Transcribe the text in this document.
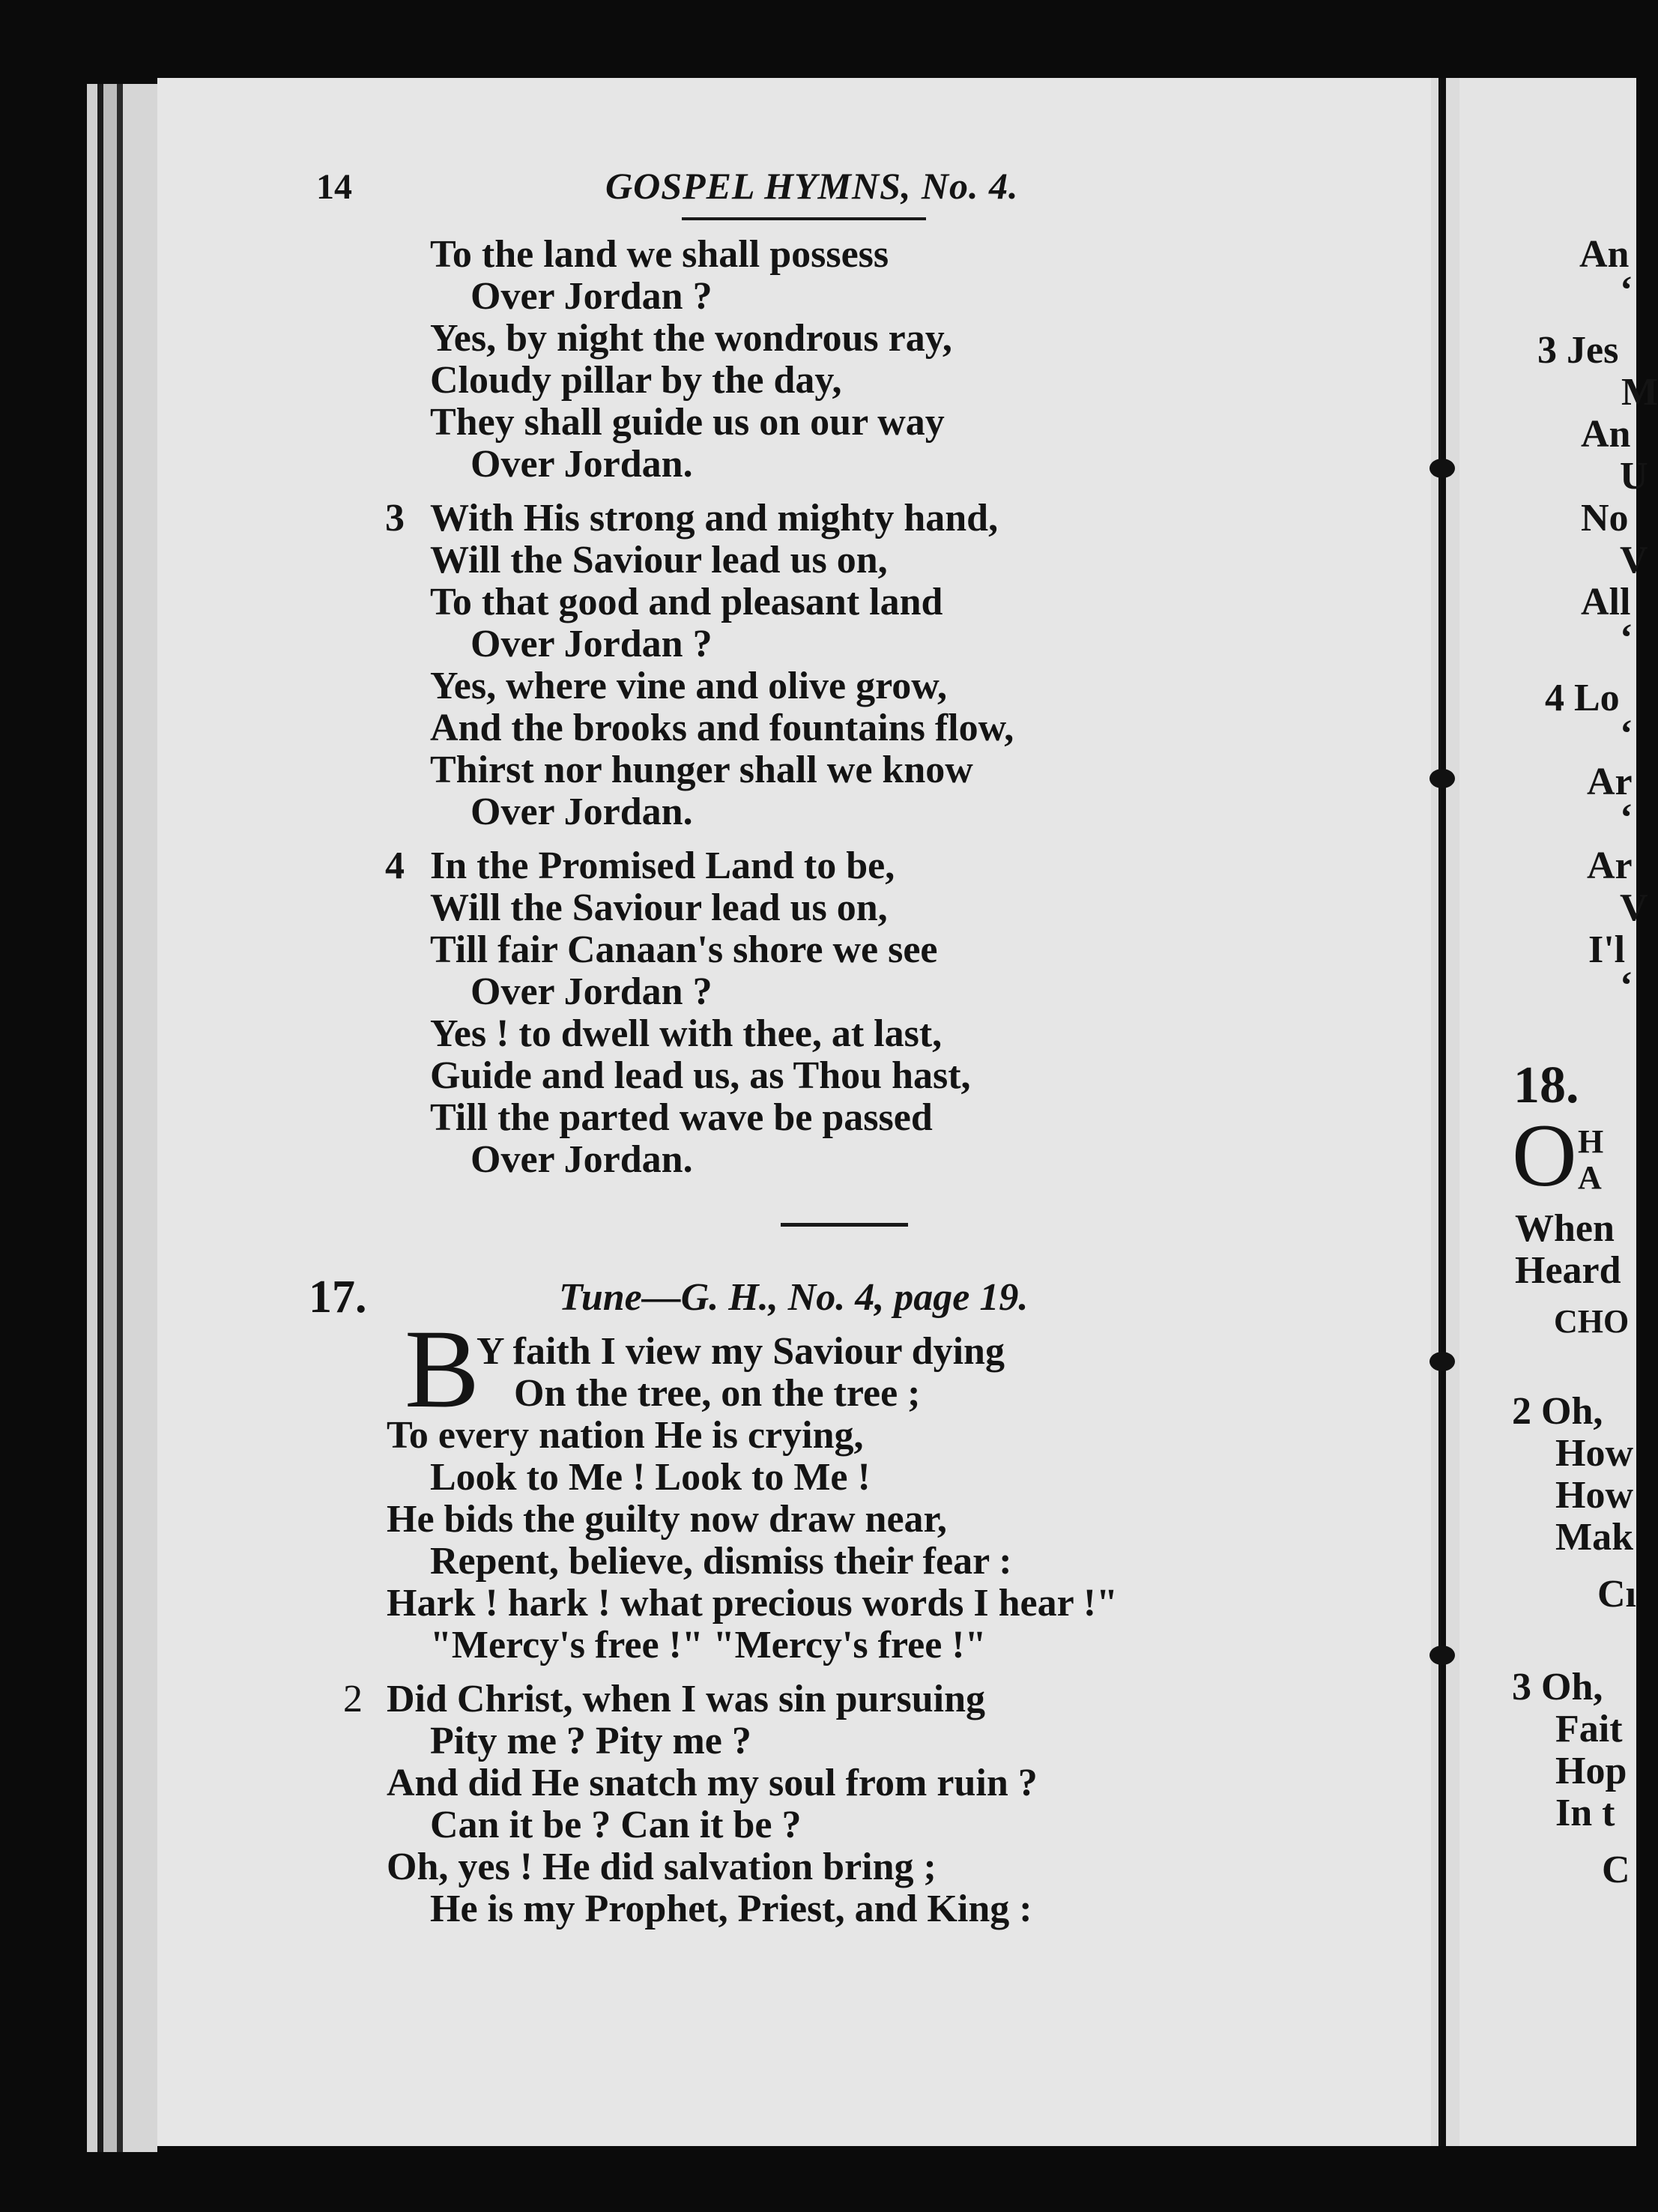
14	GOSPEL HYMNS, No. 4.
To the land we shall possess
Over Jordan ?
Yes, by night the wondrous ray,
Cloudy pillar by the day,
They shall guide us on our way
Over Jordan.
3 With His strong and mighty hand,
Will the Saviour lead us on,
To that good and pleasant land
Over Jordan ?
Yes, where vine and olive grow,
And the brooks and fountains flow,
Thirst nor hunger shall we know
Over Jordan.
4 In the Promised Land to be,
Will the Saviour lead us on,
Till fair Canaan's shore we see
Over Jordan ?
Yes ! to dwell with thee, at last,
Guide and lead us, as Thou hast,
Till the parted wave be passed
Over Jordan.
17.	Tune—G. H., No. 4, page 19.
B
Y faith I view my Saviour dying
On the tree, on the tree ;
To every nation He is crying,
Look to Me ! Look to Me !
He bids the guilty now draw near,
Repent, believe, dismiss their fear :
Hark ! hark ! what precious words I hear !"
"Mercy's free !" "Mercy's free !"
2 Did Christ, when I was sin pursuing
Pity me ? Pity me ?
And did He snatch my soul from ruin ?
Can it be ? Can it be ?
Oh, yes ! He did salvation bring ;
He is my Prophet, Priest, and King :
An
‘
3 Jes
M
An
U
No
V
All
‘
4 Lo
‘
Ar
‘
Ar
V
I'l
‘
18.
O H
A
When
Heard
CHO
2 Oh,
How
How
Mak
Cı
3 Oh,
Fait
Hop
In t
C
